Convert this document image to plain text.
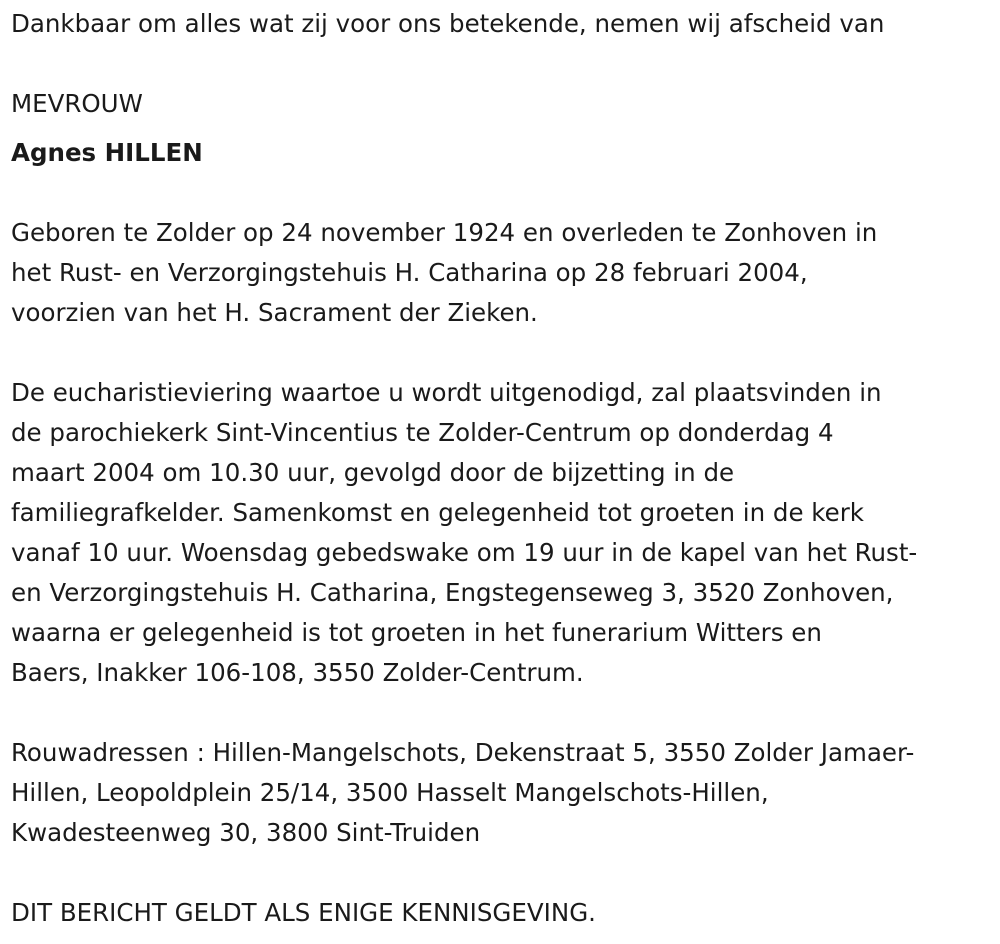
Dankbaar om alles wat zij voor ons betekende, nemen wij afscheid van
MEVROUW
Agnes HILLEN
Geboren te Zolder op 24 november 1924 en overleden te Zonhoven in
het Rust- en Verzorgingstehuis H. Catharina op 28 februari 2004,
voorzien van het H. Sacrament der Zieken.
De eucharistieviering waartoe u wordt uitgenodigd, zal plaatsvinden in
de parochiekerk Sint-Vincentius te Zolder-Centrum op donderdag 4
maart 2004 om 10.30 uur, gevolgd door de bijzetting in de
familiegrafkelder. Samenkomst en gelegenheid tot groeten in de kerk
vanaf 10 uur. Woensdag gebedswake om 19 uur in de kapel van het Rust-
en Verzorgingstehuis H. Catharina, Engstegenseweg 3, 3520 Zonhoven,
waarna er gelegenheid is tot groeten in het funerarium Witters en
Baers, Inakker 106-108, 3550 Zolder-Centrum.
Rouwadressen : Hillen-Mangelschots, Dekenstraat 5, 3550 Zolder Jamaer-
Hillen, Leopoldplein 25/14, 3500 Hasselt Mangelschots-Hillen,
Kwadesteenweg 30, 3800 Sint-Truiden
DIT BERICHT GELDT ALS ENIGE KENNISGEVING.
